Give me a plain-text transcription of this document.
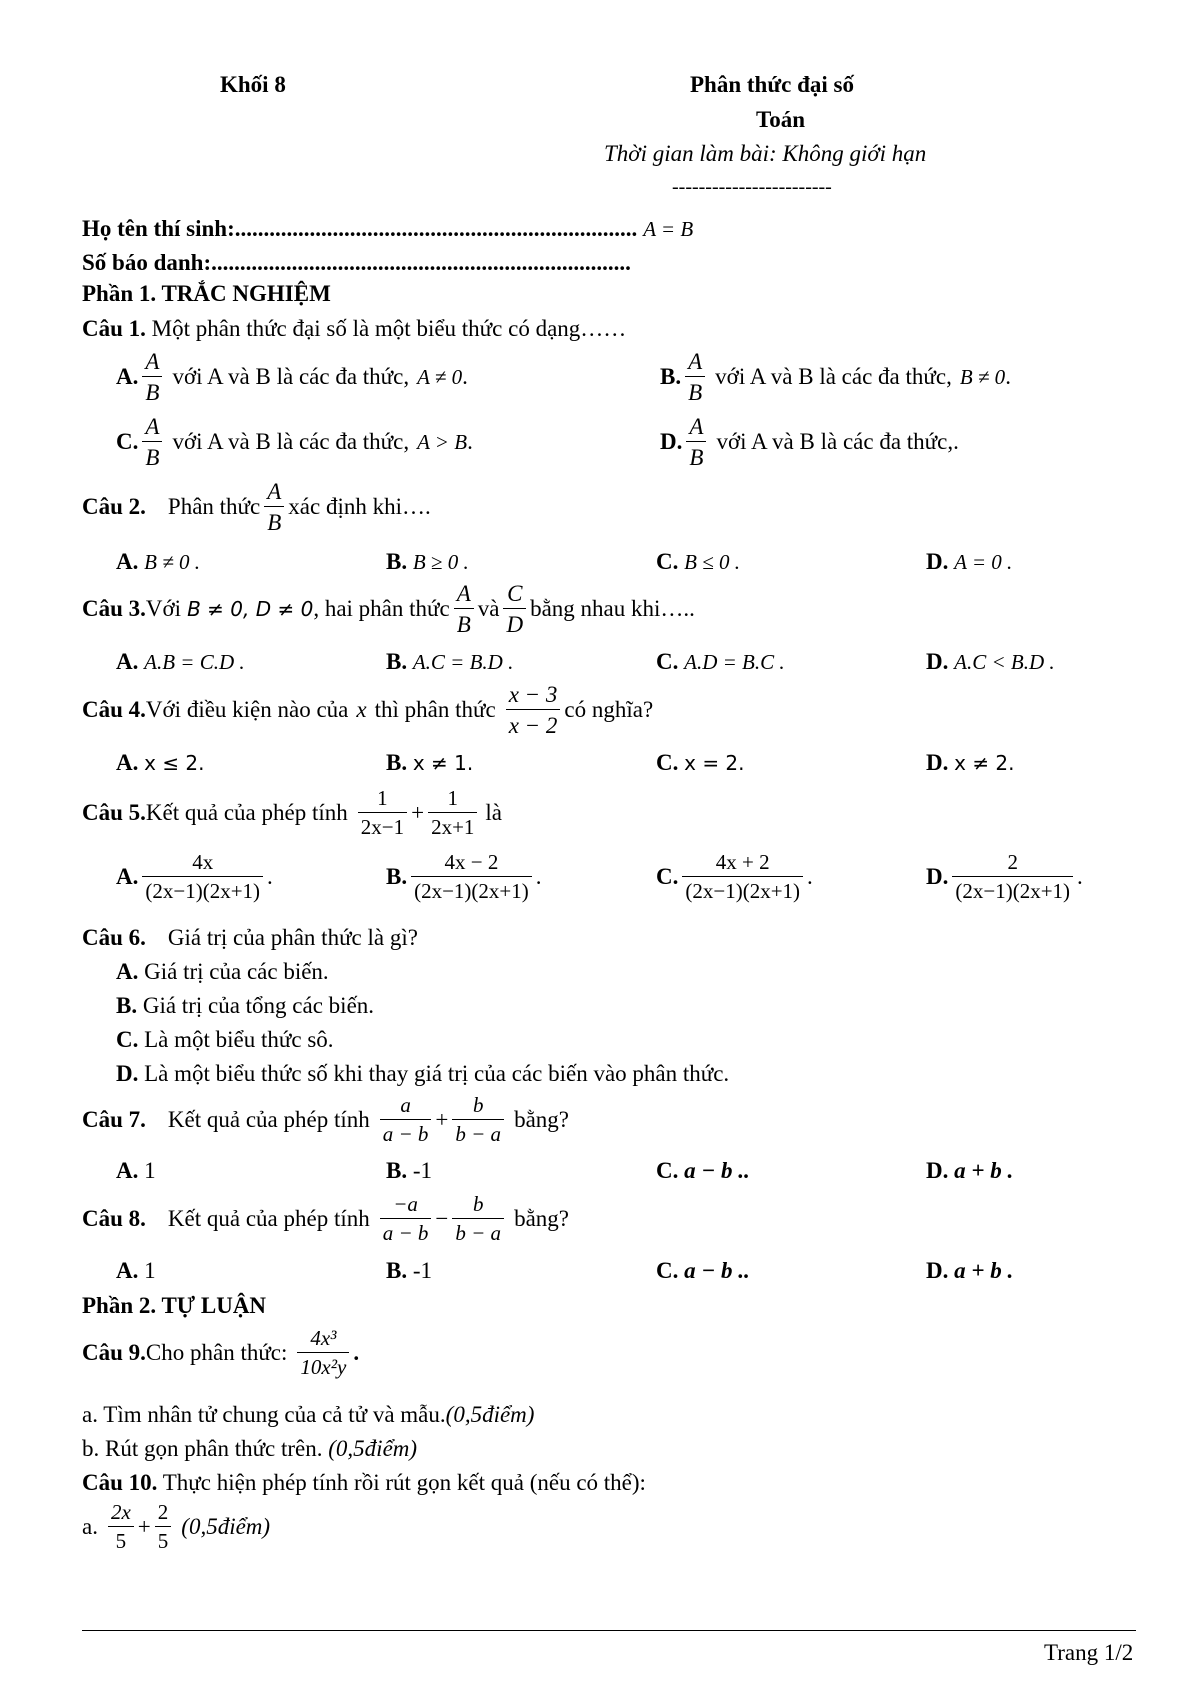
Khối 8	Phân thức đại số
Toán
Thời gian làm bài: Không giới hạn
------------------------
Họ tên thí sinh: ...................................................................... A = B
Số báo danh: .........................................................................
Phần 1. TRẮC NGHIỆM
Câu 1. Một phân thức đại số là một biểu thức có dạng……
A. $\frac{A}{B}$ với A và B là các đa thức, A ≠ 0 .	B. $\frac{A}{B}$ với A và B là các đa thức, B ≠ 0 .
C. $\frac{A}{B}$ với A và B là các đa thức, A > B .	D. $\frac{A}{B}$ với A và B là các đa thức, .
Câu 2. Phân thức $\frac{A}{B}$ xác định khi….
A. B ≠ 0 .	B. B ≥ 0 .	C. B ≤ 0 .	D. A = 0 .
Câu 3. Với B ≠ 0, D ≠ 0 , hai phân thức $\frac{A}{B}$ và $\frac{C}{D}$ bằng nhau khi…..
A. A.B = C.D .	B. A.C = B.D .	C. A.D = B.C .	D. A.C < B.D .
Câu 4. Với điều kiện nào của x thì phân thức $\frac{x - 3}{x - 2}$ có nghĩa?
A. x ≤ 2.	B. x ≠ 1.	C. x = 2.	D. x ≠ 2.
Câu 5. Kết quả của phép tính $\frac{1}{2x-1} + \frac{1}{2x+1}$ là
A. $\frac{4x}{(2x-1)(2x+1)}$ .	B. $\frac{4x - 2}{(2x-1)(2x+1)}$ .	C. $\frac{4x + 2}{(2x-1)(2x+1)}$ .	D. $\frac{2}{(2x-1)(2x+1)}$ .
Câu 6. Giá trị của phân thức là gì?
A. Giá trị của các biến.
B. Giá trị của tổng các biến.
C. Là một biểu thức sô.
D. Là một biểu thức số khi thay giá trị của các biến vào phân thức.
Câu 7. Kết quả của phép tính $\frac{a}{a - b} + \frac{b}{b - a}$ bằng?
A. 1	B. -1	C. a − b ..	D. a + b .
Câu 8. Kết quả của phép tính $\frac{-a}{a - b} - \frac{b}{b - a}$ bằng?
A. 1	B. -1	C. a − b ..	D. a + b .
Phần 2. TỰ LUẬN
Câu 9. Cho phân thức: $\frac{\text{4x³}}{\text{10x²y}}$ .
a. Tìm nhân tử chung của cả tử và mẫu.(0,5điểm)
b. Rút gọn phân thức trên. (0,5điểm)
Câu 10. Thực hiện phép tính rồi rút gọn kết quả (nếu có thể):
a. $\frac{2x}{5} + \frac{2}{5}$ (0,5điểm)
Trang 1/2
